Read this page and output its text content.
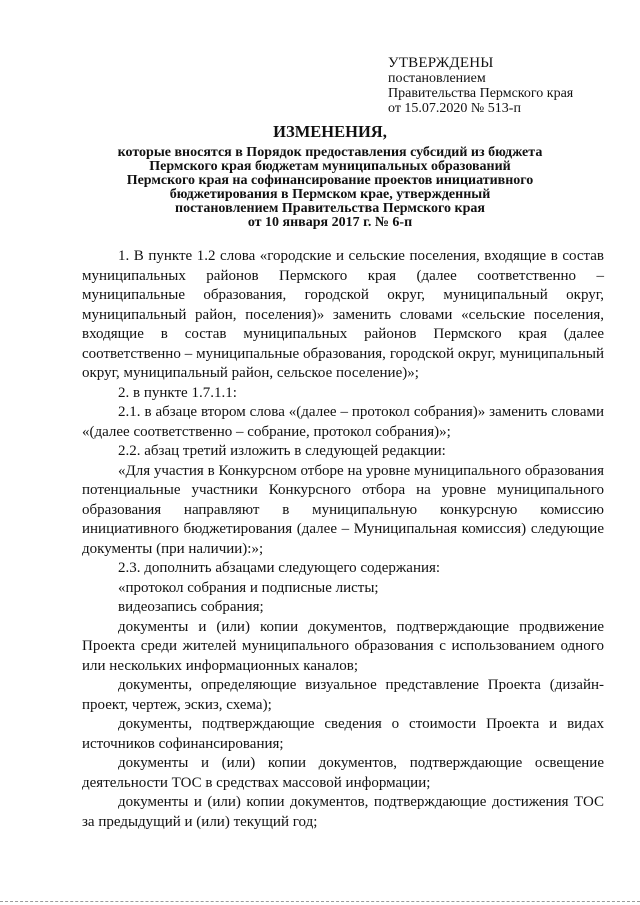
УТВЕРЖДЕНЫ
постановлением
Правительства Пермского края
от 15.07.2020 № 513-п
ИЗМЕНЕНИЯ,
которые вносятся в Порядок предоставления субсидий из бюджета
Пермского края бюджетам муниципальных образований
Пермского края на софинансирование проектов инициативного
бюджетирования в Пермском крае, утвержденный
постановлением Правительства Пермского края
от 10 января 2017 г. № 6-п

1. В пункте 1.2 слова «городские и сельские поселения, входящие в состав муниципальных районов Пермского края (далее соответственно – муниципальные образования, городской округ, муниципальный округ, муниципальный район, поселения)» заменить словами «сельские поселения, входящие в состав муниципальных районов Пермского края (далее соответственно – муниципальные образования, городской округ, муниципальный округ, муниципальный район, сельское поселение)»;

2. в пункте 1.7.1.1:

2.1. в абзаце втором слова «(далее – протокол собрания)» заменить словами «(далее соответственно – собрание, протокол собрания)»;

2.2. абзац третий изложить в следующей редакции:

«Для участия в Конкурсном отборе на уровне муниципального образования потенциальные участники Конкурсного отбора на уровне муниципального образования направляют в муниципальную конкурсную комиссию инициативного бюджетирования (далее – Муниципальная комиссия) следующие документы (при наличии):»;

2.3. дополнить абзацами следующего содержания:

«протокол собрания и подписные листы;

видеозапись собрания;

документы и (или) копии документов, подтверждающие продвижение Проекта среди жителей муниципального образования с использованием одного или нескольких информационных каналов;

документы, определяющие визуальное представление Проекта (дизайн-проект, чертеж, эскиз, схема);

документы, подтверждающие сведения о стоимости Проекта и видах источников софинансирования;

документы и (или) копии документов, подтверждающие освещение деятельности ТОС в средствах массовой информации;

документы и (или) копии документов, подтверждающие достижения ТОС за предыдущий и (или) текущий год;
